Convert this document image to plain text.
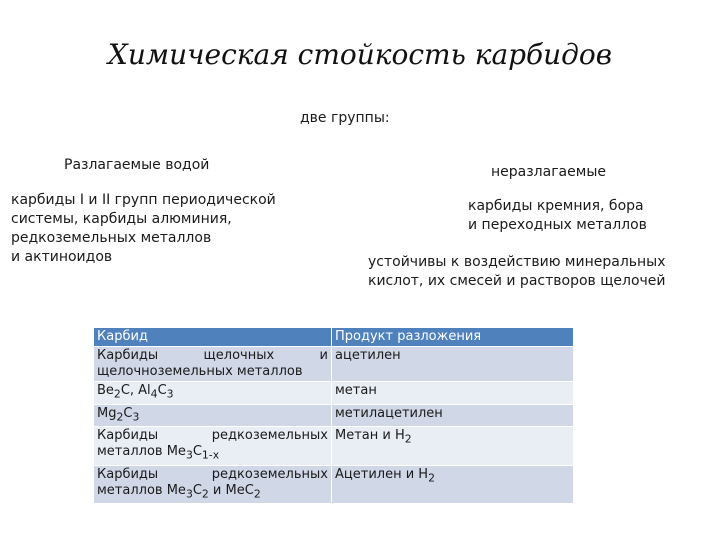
Химическая стойкость карбидов
две группы:
Разлагаемые водой	неразлагаемые
карбиды I и II групп периодической
системы, карбиды алюминия,
редкоземельных металлов
и актиноидов
карбиды кремния, бора
и переходных металлов
устойчивы к воздействию минеральных
кислот, их смесей и растворов щелочей
Карбид	Продукт разложения
Карбиды щелочных и щелочноземельных металлов	ацетилен
$Be_2C$, $Al_4C_3$	метан
$Mg_2C_3$	метилацетилен
Карбиды редкоземельных металлов $Me_3C_{1-x}$	Метан и $H_2$
Карбиды редкоземельных металлов $Me_3C_2$ и MeC$_2$	Ацетилен и $H_2$
